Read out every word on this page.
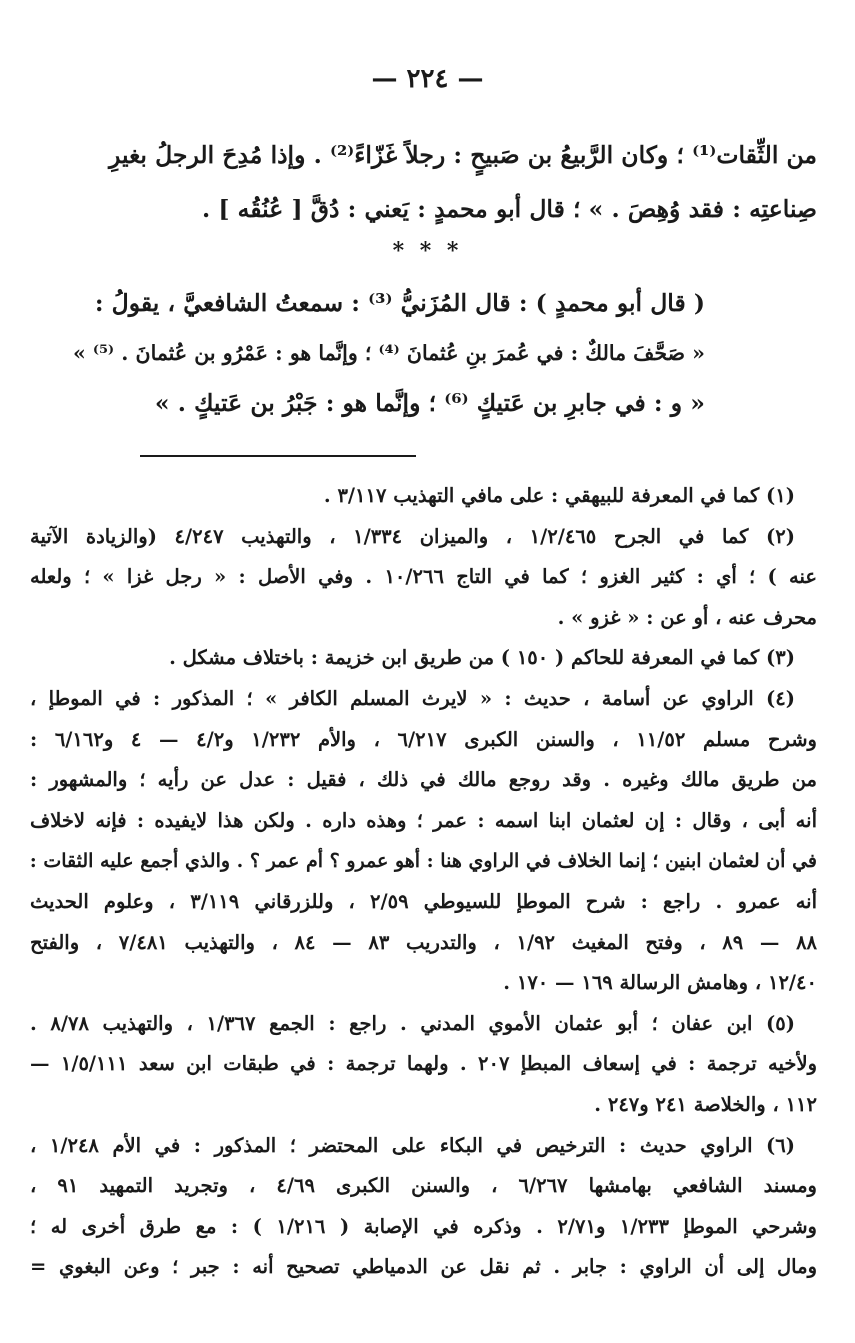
— ٢٢٤ —
من الثِّقات⁽¹⁾ ؛ وكان الرَّبيعُ بن صَبيحٍ : رجلاً غَزّاءً⁽²⁾ . وإذا مُدِحَ الرجلُ بغيرِ
صِناعتِه : فقد وُهِصَ . » ؛ قال أبو محمدٍ : يَعني : دُقَّ [ عُنُقُه ] .
* * *
( قال أبو محمدٍ ) : قال المُزَنيُّ ⁽³⁾ : سمعتُ الشافعيَّ ، يقولُ :
« صَحَّفَ مالكٌ : في عُمرَ بنِ عُثمانَ ⁽⁴⁾ ؛ وإنَّما هو : عَمْرُو بن عُثمانَ . ⁽⁵⁾ »
« و : في جابرِ بن عَتيكٍ ⁽⁶⁾ ؛ وإنَّما هو : جَبْرُ بن عَتيكٍ . »
(١) كما في المعرفة للبيهقي : على مافي التهذيب ٣/١١٧ .
(٢) كما في الجرح ١/٢/٤٦٥ ، والميزان ١/٣٣٤ ، والتهذيب ٤/٢٤٧ (والزيادة الآتية
عنه ) ؛ أي : كثير الغزو ؛ كما في التاج ١٠/٢٦٦ . وفي الأصل : « رجل غزا » ؛ ولعله
محرف عنه ، أو عن : « غزو » .
(٣) كما في المعرفة للحاكم ( ١٥٠ ) من طريق ابن خزيمة : باختلاف مشكل .
(٤) الراوي عن أسامة ، حديث : « لايرث المسلم الكافر » ؛ المذكور : في الموطإ ،
وشرح مسلم ١١/٥٢ ، والسنن الكبرى ٦/٢١٧ ، والأم ١/٢٣٢ و٤/٢ — ٤ و٦/١٦٢ :
من طريق مالك وغيره . وقد روجع مالك في ذلك ، فقيل : عدل عن رأيه ؛ والمشهور :
أنه أبى ، وقال : إن لعثمان ابنا اسمه : عمر ؛ وهذه داره . ولكن هذا لايفيده : فإنه لاخلاف
في أن لعثمان ابنين ؛ إنما الخلاف في الراوي هنا : أهو عمرو ؟ أم عمر ؟ . والذي أجمع عليه الثقات :
أنه عمرو . راجع : شرح الموطإ للسيوطي ٢/٥٩ ، وللزرقاني ٣/١١٩ ، وعلوم الحديث
٨٨ — ٨٩ ، وفتح المغيث ١/٩٢ ، والتدريب ٨٣ — ٨٤ ، والتهذيب ٧/٤٨١ ، والفتح
١٢/٤٠ ، وهامش الرسالة ١٦٩ — ١٧٠ .
(٥) ابن عفان ؛ أبو عثمان الأموي المدني . راجع : الجمع ١/٣٦٧ ، والتهذيب ٨/٧٨ .
ولأخيه ترجمة : في إسعاف المبطإ ٢٠٧ . ولهما ترجمة : في طبقات ابن سعد ١/٥/١١١ —
١١٢ ، والخلاصة ٢٤١ و٢٤٧ .
(٦) الراوي حديث : الترخيص في البكاء على المحتضر ؛ المذكور : في الأم ١/٢٤٨ ،
ومسند الشافعي بهامشها ٦/٢٦٧ ، والسنن الكبرى ٤/٦٩ ، وتجريد التمهيد ٩١ ،
وشرحي الموطإ ١/٢٣٣ و٢/٧١ . وذكره في الإصابة ( ١/٢١٦ ) : مع طرق أخرى له ؛
ومال إلى أن الراوي : جابر . ثم نقل عن الدمياطي تصحيح أنه : جبر ؛ وعن البغوي =
